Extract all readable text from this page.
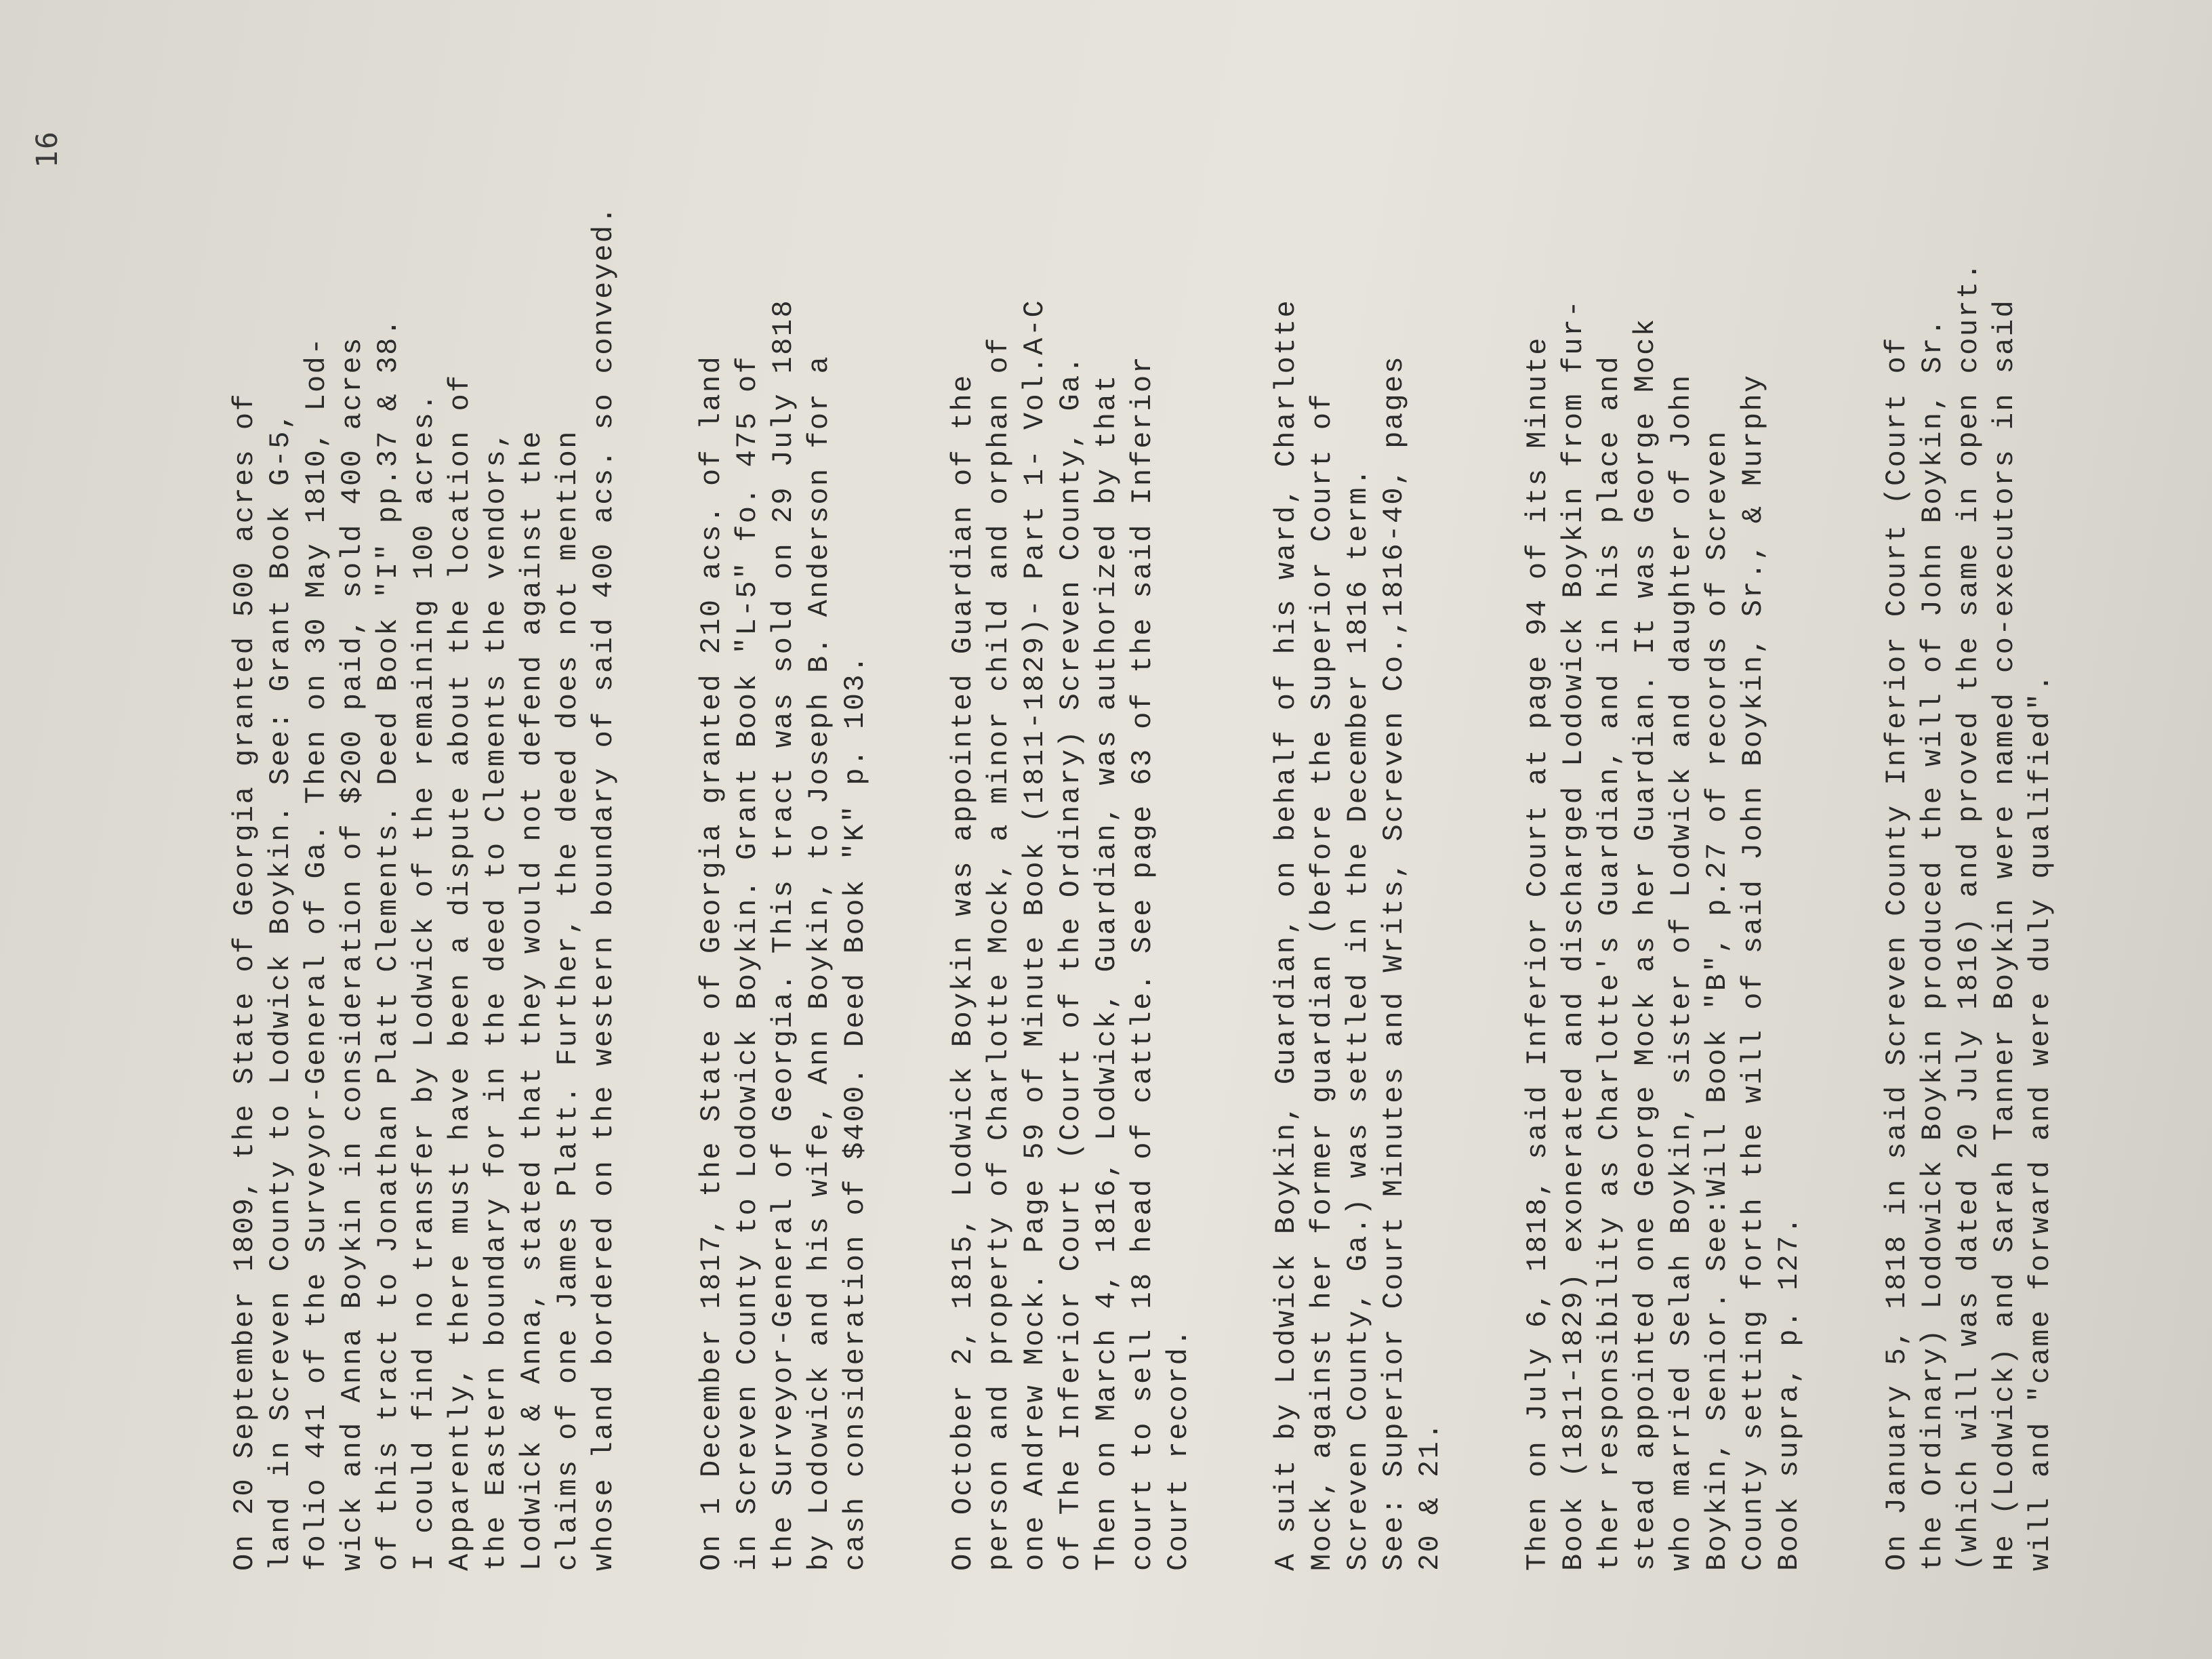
16
On 20 September 1809, the State of Georgia granted 500 acres of land in Screven County to Lodwick Boykin. See: Grant Book G-5, folio 441 of the Surveyor-General of Ga. Then on 30 May 1810, Lod- wick and Anna Boykin in consideration of $200 paid, sold 400 acres of this tract to Jonathan Platt Clements. Deed Book "I" pp.37 & 38. I could find no transfer by Lodwick of the remaining 100 acres. Apparently, there must have been a dispute about the location of the Eastern boundary for in the deed to Clements the vendors, Lodwick & Anna, stated that they would not defend against the claims of one James Platt. Further, the deed does not mention whose land bordered on the western boundary of said 400 acs. so conveyed.	On 1 December 1817, the State of Georgia granted 210 acs. of land in Screven County to Lodowick Boykin. Grant Book "L-5" fo. 475 of the Surveyor-General of Georgia. This tract was sold on 29 July 1818 by Lodowick and his wife, Ann Boykin, to Joseph B. Anderson for a cash consideration of $400. Deed Book "K" p. 103.	On October 2, 1815, Lodwick Boykin was appointed Guardian of the person and property of Charlotte Mock, a minor child and orphan of one Andrew Mock. Page 59 of Minute Book (1811-1829)- Part 1- Vol.A-C of The Inferior Court (Court of the Ordinary) Screven County, Ga. Then on March 4, 1816, Lodwick, Guardian, was authorized by that court to sell 18 head of cattle. See page 63 of the said Inferior Court record.	A suit by Lodwick Boykin, Guardian, on behalf of his ward, Charlotte Mock, against her former guardian (before the Superior Court of Screven County, Ga.) was settled in the December 1816 term. See: Superior Court Minutes and Writs, Screven Co.,1816-40, pages 20 & 21.	Then on July 6, 1818, said Inferior Court at page 94 of its Minute Book (1811-1829) exonerated and discharged Lodowick Boykin from fur- ther responsibility as Charlotte's Guardian, and in his place and stead appointed one George Mock as her Guardian. It was George Mock who married Selah Boykin, sister of Lodwick and daughter of John Boykin, Senior. See:Will Book "B", p.27 of records of Screven County setting forth the will of said John Boykin, Sr., & Murphy Book supra, p. 127.	On January 5, 1818 in said Screven County Inferior Court (Court of the Ordinary) Lodowick Boykin produced the will of John Boykin, Sr. (which will was dated 20 July 1816) and proved the same in open court. He (Lodwick) and Sarah Tanner Boykin were named co-executors in said will and "came forward and were duly qualified".
